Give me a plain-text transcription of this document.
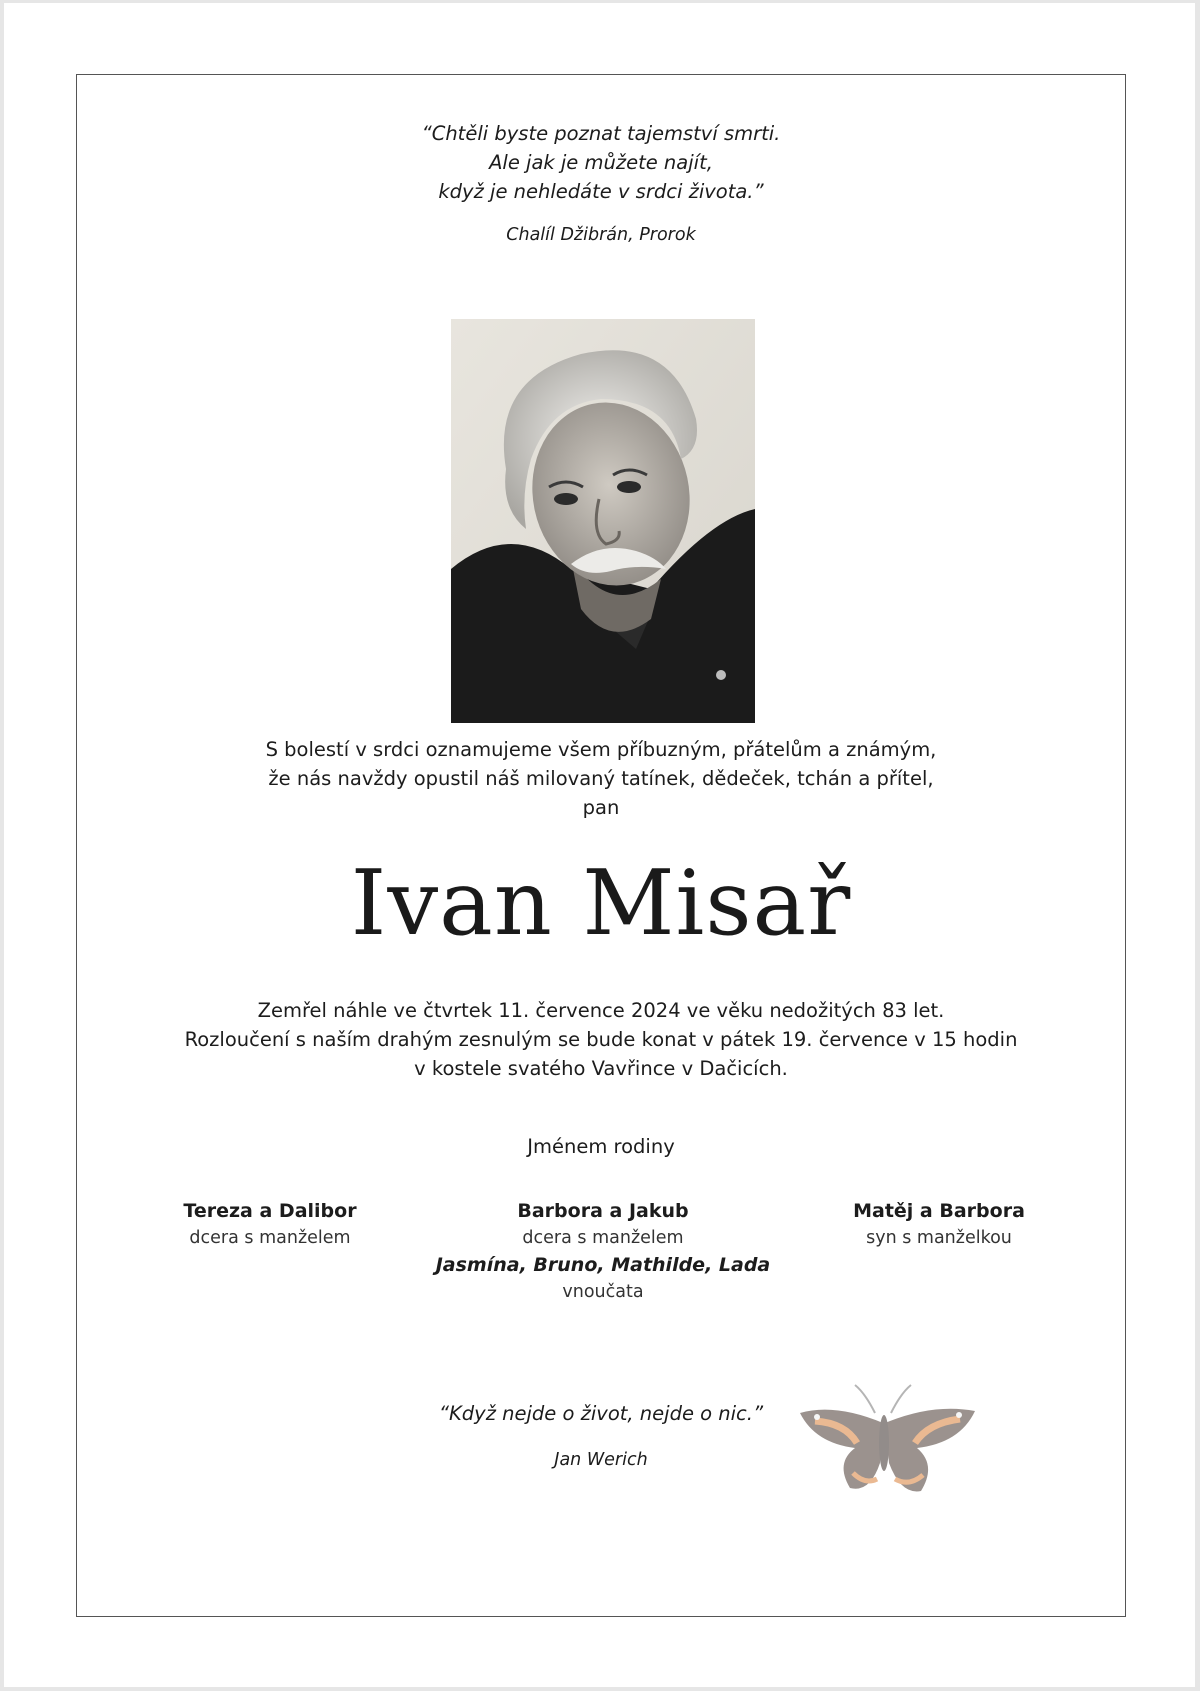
“Chtěli byste poznat tajemství smrti.
Ale jak je můžete najít,
když je nehledáte v srdci života.”
Chalíl Džibrán, Prorok
S bolestí v srdci oznamujeme všem příbuzným, přátelům a známým,
že nás navždy opustil náš milovaný tatínek, dědeček, tchán a přítel,
pan
Ivan Misař
Zemřel náhle ve čtvrtek 11. července 2024 ve věku nedožitých 83 let.
Rozloučení s naším drahým zesnulým se bude konat v pátek 19. července v 15 hodin
v kostele svatého Vavřince v Dačicích.
Jménem rodiny
Tereza a Dalibor
dcera s manželem
Barbora a Jakub
dcera s manželem
Matěj a Barbora
syn s manželkou
Jasmína, Bruno, Mathilde, Lada
vnoučata
“Když nejde o život, nejde o nic.”
Jan Werich
